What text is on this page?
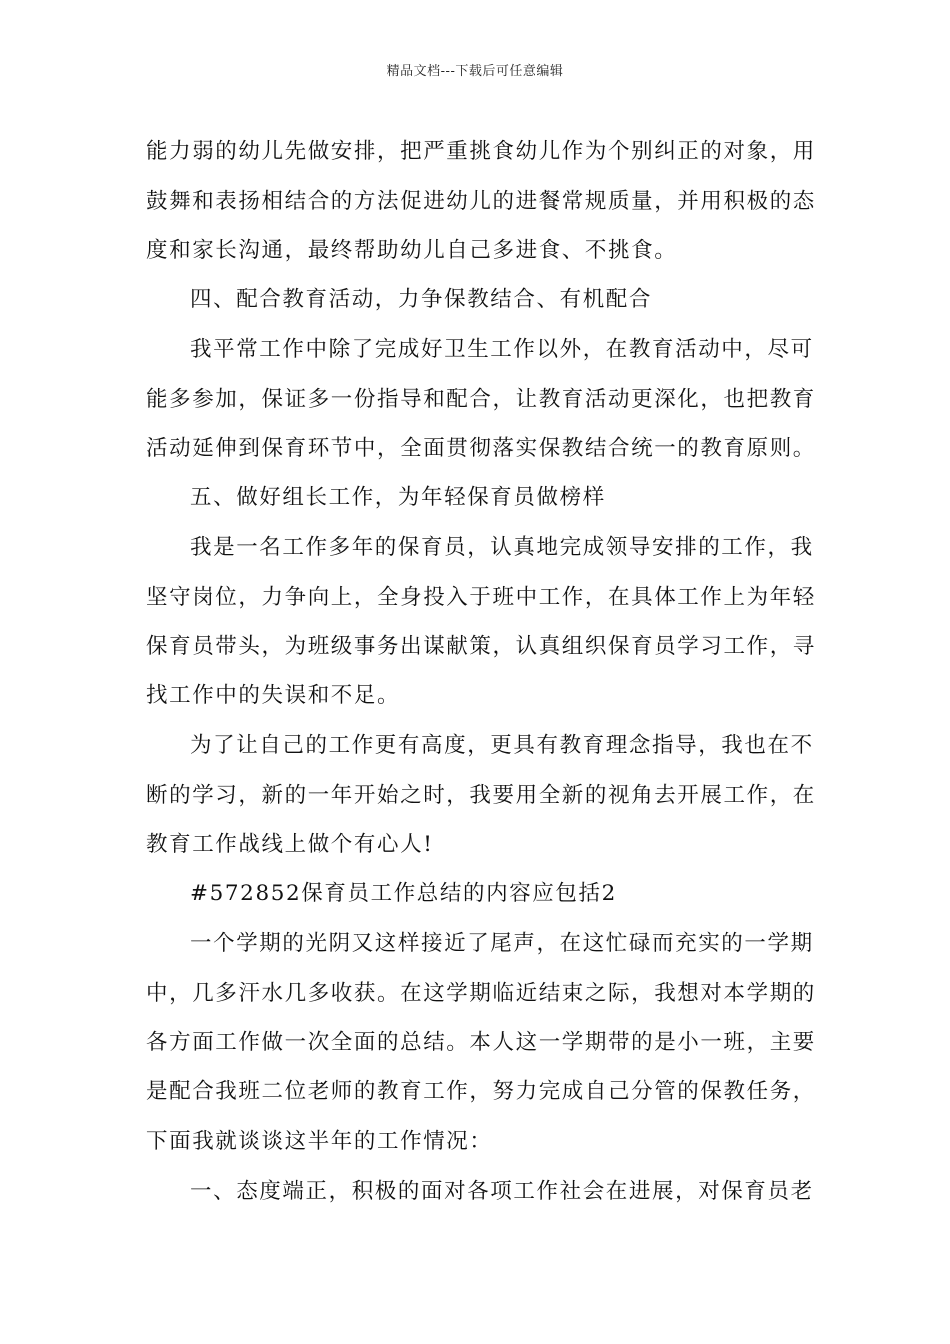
精品文档---下载后可任意编辑
能力弱的幼儿先做安排，把严重挑食幼儿作为个别纠正的对象，用
鼓舞和表扬相结合的方法促进幼儿的进餐常规质量，并用积极的态
度和家长沟通，最终帮助幼儿自己多进食、不挑食。
四、配合教育活动，力争保教结合、有机配合
我平常工作中除了完成好卫生工作以外，在教育活动中，尽可
能多参加，保证多一份指导和配合，让教育活动更深化，也把教育
活动延伸到保育环节中，全面贯彻落实保教结合统一的教育原则。
五、做好组长工作，为年轻保育员做榜样
我是一名工作多年的保育员，认真地完成领导安排的工作，我
坚守岗位，力争向上，全身投入于班中工作，在具体工作上为年轻
保育员带头，为班级事务出谋献策，认真组织保育员学习工作，寻
找工作中的失误和不足。
为了让自己的工作更有高度，更具有教育理念指导，我也在不
断的学习，新的一年开始之时，我要用全新的视角去开展工作，在
教育工作战线上做个有心人!
#572852保育员工作总结的内容应包括2
一个学期的光阴又这样接近了尾声，在这忙碌而充实的一学期
中，几多汗水几多收获。在这学期临近结束之际，我想对本学期的
各方面工作做一次全面的总结。本人这一学期带的是小一班，主要
是配合我班二位老师的教育工作，努力完成自己分管的保教任务，
下面我就谈谈这半年的工作情况：
一、态度端正，积极的面对各项工作社会在进展，对保育员老
